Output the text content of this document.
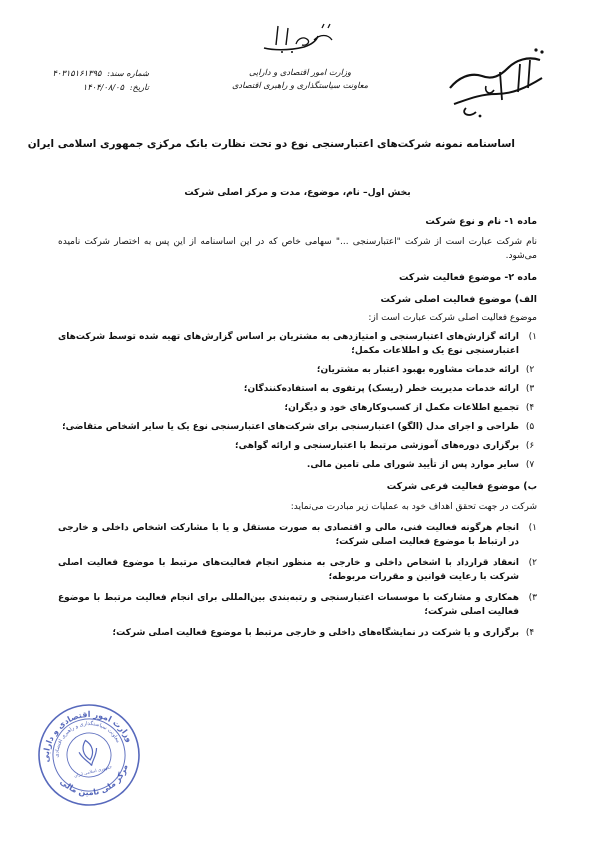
باسمه تعالی
وزارت امور اقتصادی و دارایی
معاونت سیاستگذاری و راهبری اقتصادی
شماره سند: ۴۰۳۱۵۱۶۱۳۹۵
تاریخ: ۱۴۰۴/۰۸/۰۵
مرکز ملی تامین مالی
اساسنامه نمونه شرکت‌های اعتبارسنجی نوع دو تحت نظارت بانک مرکزی جمهوری اسلامی ایران
بخش اول– نام، موضوع، مدت و مرکز اصلی شرکت
ماده ۱- نام و نوع شرکت
نام شرکت عبارت است از شرکت "اعتبارسنجی ..." سهامی خاص که در این اساسنامه از این پس به اختصار شرکت نامیده می‌شود.
ماده ۲- موضوع فعالیت شرکت
الف) موضوع فعالیت اصلی شرکت
موضوع فعالیت اصلی شرکت عبارت است از:
۱)
ارائه گزارش‌های اعتبارسنجی و امتیازدهی به مشتریان بر اساس گزارش‌های تهیه شده توسط شرکت‌های اعتبارسنجی نوع یک و اطلاعات مکمل؛
۲)
ارائه خدمات مشاوره بهبود اعتبار به مشتریان؛
۳)
ارائه خدمات مدیریت خطر (ریسک) پرتفوی به استفاده‌کنندگان؛
۴)
تجمیع اطلاعات مکمل از کسب‌وکارهای خود و دیگران؛
۵)
طراحی و اجرای مدل (الگو) اعتبارسنجی برای شرکت‌های اعتبارسنجی نوع یک یا سایر اشخاص متقاضی؛
۶)
برگزاری دوره‌های آموزشی مرتبط با اعتبارسنجی و ارائه گواهی؛
۷)
سایر موارد پس از تأیید شورای ملی تامین مالی.
ب) موضوع فعالیت فرعی شرکت
شرکت در جهت تحقق اهداف خود به عملیات زیر مبادرت می‌نماید:
۱)
انجام هرگونه فعالیت فنی، مالی و اقتصادی به صورت مستقل و یا با مشارکت اشخاص داخلی و خارجی در ارتباط با موضوع فعالیت اصلی شرکت؛
۲)
انعقاد قرارداد با اشخاص داخلی و خارجی به منظور انجام فعالیت‌های مرتبط با موضوع فعالیت اصلی شرکت با رعایت قوانین و مقررات مربوطه؛
۳)
همکاری و مشارکت با موسسات اعتبارسنجی و رتبه‌بندی بین‌المللی برای انجام فعالیت مرتبط با موضوع فعالیت اصلی شرکت؛
۴)
برگزاری و یا شرکت در نمایشگاه‌های داخلی و خارجی مرتبط با موضوع فعالیت اصلی شرکت؛
وزارت امور اقتصادی و دارایی
معاونت سیاستگذاری و راهبری اقتصادی
مرکز ملی تامین مالی
جمهوری اسلامی ایران
